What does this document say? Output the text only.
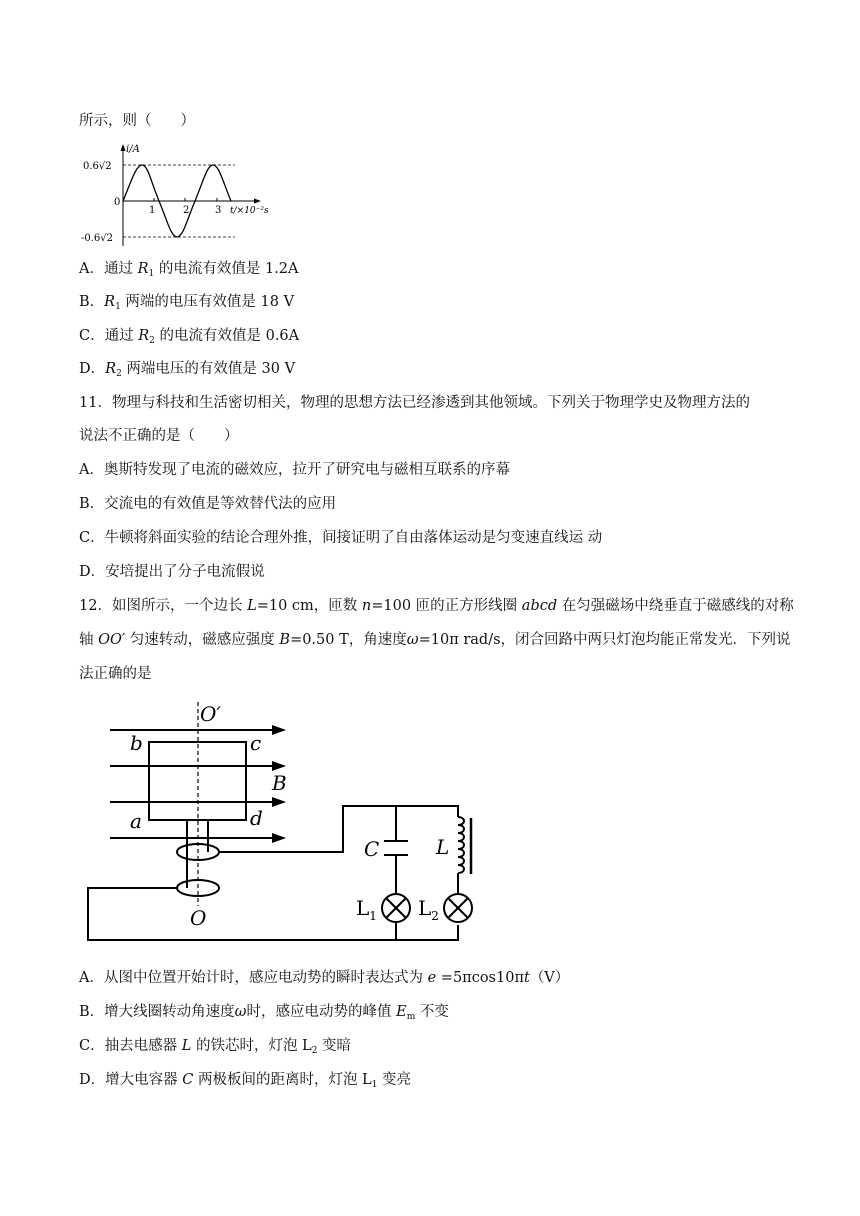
所示，则（　　）
i/A
0.6√2
-0.6√2
0
1	2	3 t/×10⁻²s
A．通过 $R_1$ 的电流有效值是 1.2A
B．$R_1$ 两端的电压有效值是 18 V
C．通过 $R_2$ 的电流有效值是 0.6A
D．$R_2$ 两端电压的有效值是 30 V
11．物理与科技和生活密切相关，物理的思想方法已经渗透到其他领域。下列关于物理学史及物理方法的
说法不正确的是（　　）
A．奥斯特发现了电流的磁效应，拉开了研究电与磁相互联系的序幕
B．交流电的有效值是等效替代法的应用
C．牛顿将斜面实验的结论合理外推，间接证明了自由落体运动是匀变速直线运 动
D．安培提出了分子电流假说
12．如图所示，一个边长 L=10 cm，匝数 n=100 匝的正方形线圈 abcd 在匀强磁场中绕垂直于磁感线的对称
轴 OO′ 匀速转动，磁感应强度 B=0.50 T，角速度ω=10π rad/s，闭合回路中两只灯泡均能正常发光．下列说
法正确的是
O′
O
b	c
a	d
B
C	L
$L_1$ $L_2$
A．从图中位置开始计时，感应电动势的瞬时表达式为 e =5πcos10πt（V）
B．增大线圈转动角速度ω时，感应电动势的峰值 $E_m$ 不变
C．抽去电感器 L 的铁芯时，灯泡 $L_2$ 变暗
D．增大电容器 C 两极板间的距离时，灯泡 $L_1$ 变亮
